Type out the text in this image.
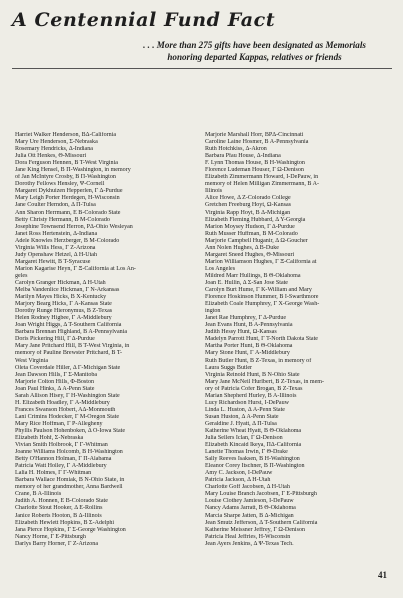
A Centennial Fund Fact
. . . More than 275 gifts have been designated as Memorials
honoring departed Kappas, relatives or friends
Harriet Walker Henderson, BΔ-California
Mary Ure Henderson, Σ-Nebraska
Rosemary Hendricks, Δ-Indiana
Julia Ott Henkes, Θ-Missouri
Dora Ferguson Hennen, B T-West Virginia
Jane King Hensel, B Π-Washington, in memory
of Jan McIntyre Crosby, B Π-Washington
Dorothy Fellows Hensley, Ψ-Cornell
Margaret Dykhuizen Hepperlen, Γ Δ-Purdue
Mary Leigh Porter Herdegen, H-Wisconsin
Jane Coulter Herndon, Δ Π-Tulsa
Ann Sharon Herrmann, E B-Colorado State
Betty Christy Hermann, B M-Colorado
Josephine Townsend Herron, PΔ-Ohio Wesleyan
Janet Ross Hertenstein, Δ-Indiana
Adele Knowles Herzberger, B M-Colorado
Virginia Wills Hess, Γ Z-Arizona
Judy Openshaw Hetzel, Δ H-Utah
Margaret Hewitt, B T-Syracuse
Marion Kagarise Heyn, Γ Ξ-California at Los An-
geles
Carolyn Granger Hickman, Δ H-Utah
Melba Vandenlice Hickman, Γ N-Arkansas
Marilyn Mayes Hicks, B X-Kentucky
Marjory Bearg Hicks, Γ A-Kansas State
Dorothy Runge Hieronymus, B Z-Texas
Helen Rodney Higbee, Γ A-Middlebury
Joan Wright Higgs, Δ T-Southern California
Barbara Brennan Highland, B A-Pennsylvania
Doris Pickering Hill, Γ Δ-Purdue
Mary Jane Pritchard Hill, B T-West Virginia, in
memory of Pauline Brewster Pritchard, B T-
West Virginia
Oleta Coverdale Hiller, Δ Γ-Michigan State
Jean Dawson Hills, Γ Σ-Manitoba
Marjorie Colton Hills, Φ-Boston
Joan Paul Hinks, Δ A-Penn State
Sarah Allison Hisey, Γ H-Washington State
H. Elizabeth Hoadley, Γ A-Middlebury
Frances Swanson Hobert, AΔ-Monmouth
Lani Crimins Hodecker, Γ M-Oregon State
Mary Rice Hoffman, Γ P-Allegheny
Phyllis Paulson Hohenboken, Δ O-Iowa State
Elizabeth Hohf, Σ-Nebraska
Vivian Smith Holbrook, Γ Γ-Whitman
Joanne Williams Holcomb, B H-Washington
Betty O'Hannon Holman, Γ Π-Alabama
Patricia Watt Holley, Γ A-Middlebury
Lalia H. Holmes, Γ Γ-Whitman
Barbara Wallace Homiak, B N-Ohio State, in
memory of her grandmother, Anna Bardwell
Crane, B A-Illinois
Judith A. Honnen, E B-Colorado State
Charlotte Stout Hooker, Δ E-Rollins
Janice Roberts Hooton, B Δ-Illinois
Elizabeth Hewlett Hopkins, B Σ-Adelphi
Jana Pierce Hopkins, Γ Σ-George Washington
Nancy Horne, Γ E-Pittsburgh
Darlys Barry Horner, Γ Z-Arizona
Marjorie Marshall Horr, BPΔ-Cincinnati
Caroline Laine Hosmer, B A-Pennsylvania
Ruth Hotchkiss, Δ-Akron
Barbara Pfau House, Δ-Indiana
F. Lynn Thomas House, B H-Washington
Florence Ludeman Houser, Γ Ω-Denison
Elizabeth Zimmermann Howard, I-DePauw, in
memory of Helen Milligan Zimmermann, B A-
Illinois
Alice Howe, Δ Z-Colorado College
Gretchen Freeburg Hoyt, Ω-Kansas
Virginia Rapp Hoyt, B Δ-Michigan
Elizabeth Fleming Hubbard, Δ Y-Georgia
Marion Moysey Hudson, Γ Δ-Purdue
Ruth Musser Huffman, B M-Colorado
Marjorie Campbell Huganir, Δ Ω-Goucher
Ann Nolen Hughes, Δ B-Duke
Margaret Sneed Hughes, Θ-Missouri
Marion Williamson Hughes, Γ Ξ-California at
Los Angeles
Mildred Marr Hullings, B Θ-Oklahoma
Joan E. Hullin, Δ Σ-San Jose State
Carolyn Burt Hume, Γ K-William and Mary
Florence Hoskinson Hummer, B I-Swarthmore
Elizabeth Coale Humphrey, Γ X-George Wash-
ington
Janet Rae Humphrey, Γ Δ-Purdue
Jean Evans Hunt, B A-Pennsylvania
Judith Hessy Hunt, Ω-Kansas
Madelyn Parrott Hunt, Γ T-North Dakota State
Martha Porter Hunt, B Θ-Oklahoma
Mary Stone Hunt, Γ A-Middlebury
Ruth Butler Hunt, B Z-Texas, in memory of
Laura Suggs Butler
Virginia Reinold Hunt, B N-Ohio State
Mary Jane McNeil Hurlbert, B Z-Texas, in mem-
ory of Patricia Cofer Brogan, B Z-Texas
Marian Shepherd Hurley, B A-Illinois
Lucy Richardson Hurst, I-DePauw
Linda L. Huston, Δ A-Penn State
Susan Huston, Δ A-Penn State
Geraldine J. Hyatt, Δ Π-Tulsa
Katherine Wheat Hyatt, B Θ-Oklahoma
Julia Sellers Iclan, Γ Ω-Denison
Elizabeth Kincaid Ikeya, ΠΔ-California
Lanette Thomas Irwin, Γ Θ-Drake
Sally Reeves Isaksen, B H-Washington
Eleanor Corey Itschner, B Π-Washington
Amy C. Jackson, I-DePauw
Patricia Jackson, Δ H-Utah
Charlotte Goff Jacobsen, Δ H-Utah
Mary Louise Branch Jacobsen, Γ E-Pittsburgh
Louise Clothey Jamieson, I-DePauw
Nancy Adams Jarratt, B Θ-Oklahoma
Marcia Sharpe Jatten, B Δ-Michigan
Jean Smutz Jefferson, Δ T-Southern California
Katherine Meissner Jeffrey, Γ Ω-Denison
Patricia Heal Jeffries, H-Wisconsin
Jean Ayers Jenkins, Δ Ψ-Texas Tech.
41
